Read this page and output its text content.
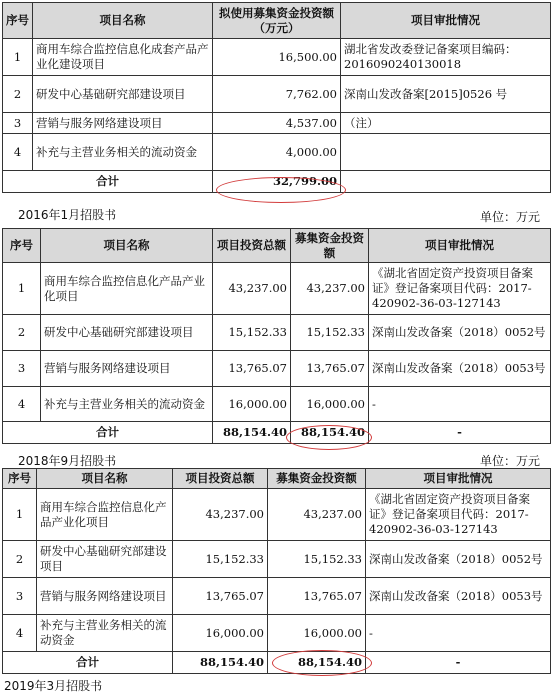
序号	项目名称	拟使用募集资金投资额（万元）	项目审批情况
1	商用车综合监控信息化成套产品产业化建设项目	16,500.00	湖北省发改委登记备案项目编码：2016090240130018
2	研发中心基础研究部建设项目	7,762.00	深南山发改备案[2015]0526 号
3	营销与服务网络建设项目	4,537.00	（注）
4	补充与主营业务相关的流动资金	4,000.00	
合计		32,799.00	
2016年1月招股书	单位：万元
序号	项目名称	项目投资总额	募集资金投资额	项目审批情况
1	商用车综合监控信息化产品产业化项目	43,237.00	43,237.00	《湖北省固定资产投资项目备案证》登记备案项目代码：2017-420902-36-03-127143
2	研发中心基础研究部建设项目	15,152.33	15,152.33	深南山发改备案（2018）0052号
3	营销与服务网络建设项目	13,765.07	13,765.07	深南山发改备案（2018）0053号
4	补充与主营业务相关的流动资金	16,000.00	16,000.00	-
合计		88,154.40	88,154.40	-
2018年9月招股书	单位：万元
序号	项目名称	项目投资总额	募集资金投资额	项目审批情况
1	商用车综合监控信息化产品产业化项目	43,237.00	43,237.00	《湖北省固定资产投资项目备案证》登记备案项目代码：2017-420902-36-03-127143
2	研发中心基础研究部建设项目	15,152.33	15,152.33	深南山发改备案（2018）0052号
3	营销与服务网络建设项目	13,765.07	13,765.07	深南山发改备案（2018）0053号
4	补充与主营业务相关的流动资金	16,000.00	16,000.00	-
合计		88,154.40	88,154.40	-
2019年3月招股书
